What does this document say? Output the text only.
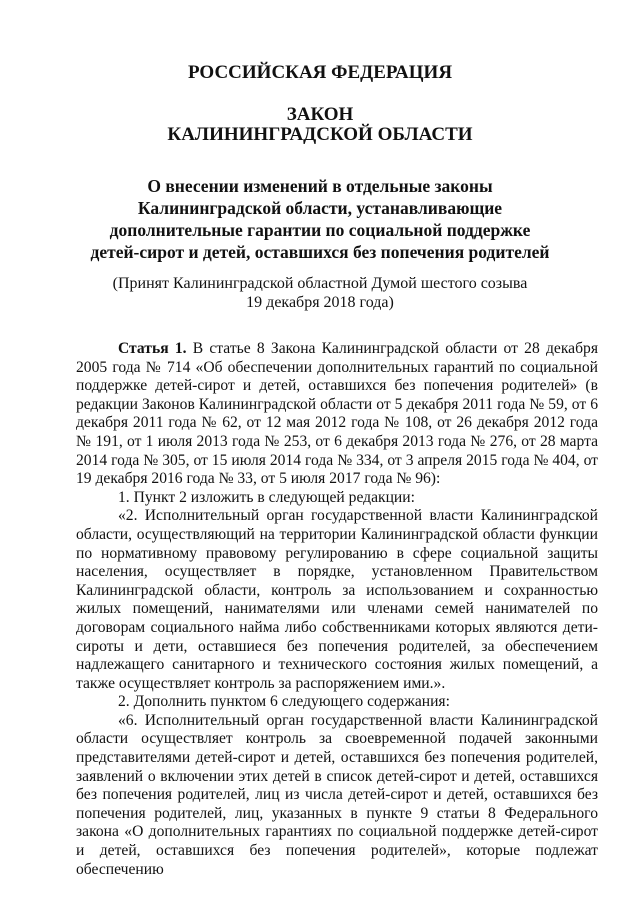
РОССИЙСКАЯ ФЕДЕРАЦИЯ
ЗАКОН
КАЛИНИНГРАДСКОЙ ОБЛАСТИ
О внесении изменений в отдельные законы
Калининградской области, устанавливающие
дополнительные гарантии по социальной поддержке
детей-сирот и детей, оставшихся без попечения родителей
(Принят Калининградской областной Думой шестого созыва
19 декабря 2018 года)

Статья 1. В статье 8 Закона Калининградской области от 28 декабря 2005 года № 714 «Об обеспечении дополнительных гарантий по социальной поддержке детей-сирот и детей, оставшихся без попечения родителей» (в редакции Законов Калининградской области от 5 декабря 2011 года № 59, от 6 декабря 2011 года № 62, от 12 мая 2012 года № 108, от 26 декабря 2012 года № 191, от 1 июля 2013 года № 253, от 6 декабря 2013 года № 276, от 28 марта 2014 года № 305, от 15 июля 2014 года № 334, от 3 апреля 2015 года № 404, от 19 декабря 2016 года № 33, от 5 июля 2017 года № 96):

1. Пункт 2 изложить в следующей редакции:

«2. Исполнительный орган государственной власти Калининградской области, осуществляющий на территории Калининградской области функции по нормативному правовому регулированию в сфере социальной защиты населения, осуществляет в порядке, установленном Правительством Калининградской области, контроль за использованием и сохранностью жилых помещений, нанимателями или членами семей нанимателей по договорам социального найма либо собственниками которых являются дети-сироты и дети, оставшиеся без попечения родителей, за обеспечением надлежащего санитарного и технического состояния жилых помещений, а также осуществляет контроль за распоряжением ими.».

2. Дополнить пунктом 6 следующего содержания:

«6. Исполнительный орган государственной власти Калининградской области осуществляет контроль за своевременной подачей законными представителями детей-сирот и детей, оставшихся без попечения родителей, заявлений о включении этих детей в список детей-сирот и детей, оставшихся без попечения родителей, лиц из числа детей-сирот и детей, оставшихся без попечения родителей, лиц, указанных в пункте 9 статьи 8 Федерального закона «О дополнительных гарантиях по социальной поддержке детей-сирот и детей, оставшихся без попечения родителей», которые подлежат обеспечению
